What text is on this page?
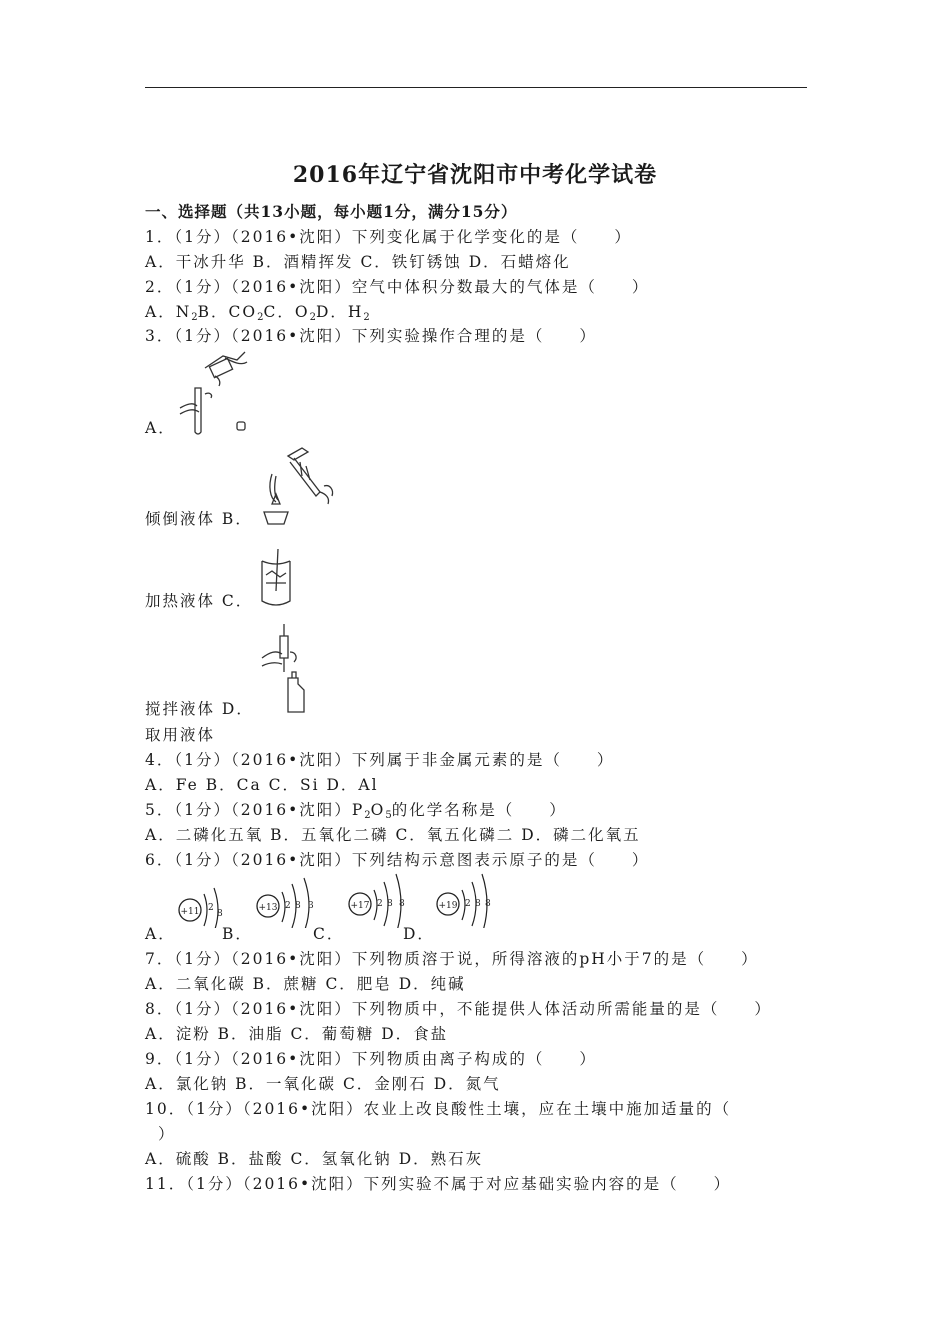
2016年辽宁省沈阳市中考化学试卷
一、选择题（共13小题，每小题1分，满分15分）
1．（1分）（2016•沈阳）下列变化属于化学变化的是（　　）
A．干冰升华 B．酒精挥发 C．铁钉锈蚀 D．石蜡熔化
2．（1分）（2016•沈阳）空气中体积分数最大的气体是（　　）
A．$N_2B$．$CO_2C$．$O_2D$．$H_2$
3．（1分）（2016•沈阳）下列实验操作合理的是（　　）
A．
倾倒液体 B．
加热液体 C．
搅拌液体 D．
取用液体
4．（1分）（2016•沈阳）下列属于非金属元素的是（　　）
A．Fe B．Ca C．Si D．Al
5．（1分）（2016•沈阳）$P_2O_5$的化学名称是（　　）
A．二磷化五氧 B．五氧化二磷 C．氧五化磷二 D．磷二化氧五
6．（1分）（2016•沈阳）下列结构示意图表示原子的是（　　）
+11 2
8
+13 2 8 3	+17 2 8 8	+19 2 8 8
A．	B．	C．	D．
7．（1分）（2016•沈阳）下列物质溶于说，所得溶液的pH小于7的是（　　）
A．二氧化碳 B．蔗糖 C．肥皂 D．纯碱
8．（1分）（2016•沈阳）下列物质中，不能提供人体活动所需能量的是（　　）
A．淀粉 B．油脂 C．葡萄糖 D．食盐
9．（1分）（2016•沈阳）下列物质由离子构成的（　　）
A．氯化钠 B．一氧化碳 C．金刚石 D．氮气
10．（1分）（2016•沈阳）农业上改良酸性土壤，应在土壤中施加适量的（
）
A．硫酸 B．盐酸 C．氢氧化钠 D．熟石灰
11．（1分）（2016•沈阳）下列实验不属于对应基础实验内容的是（　　）
